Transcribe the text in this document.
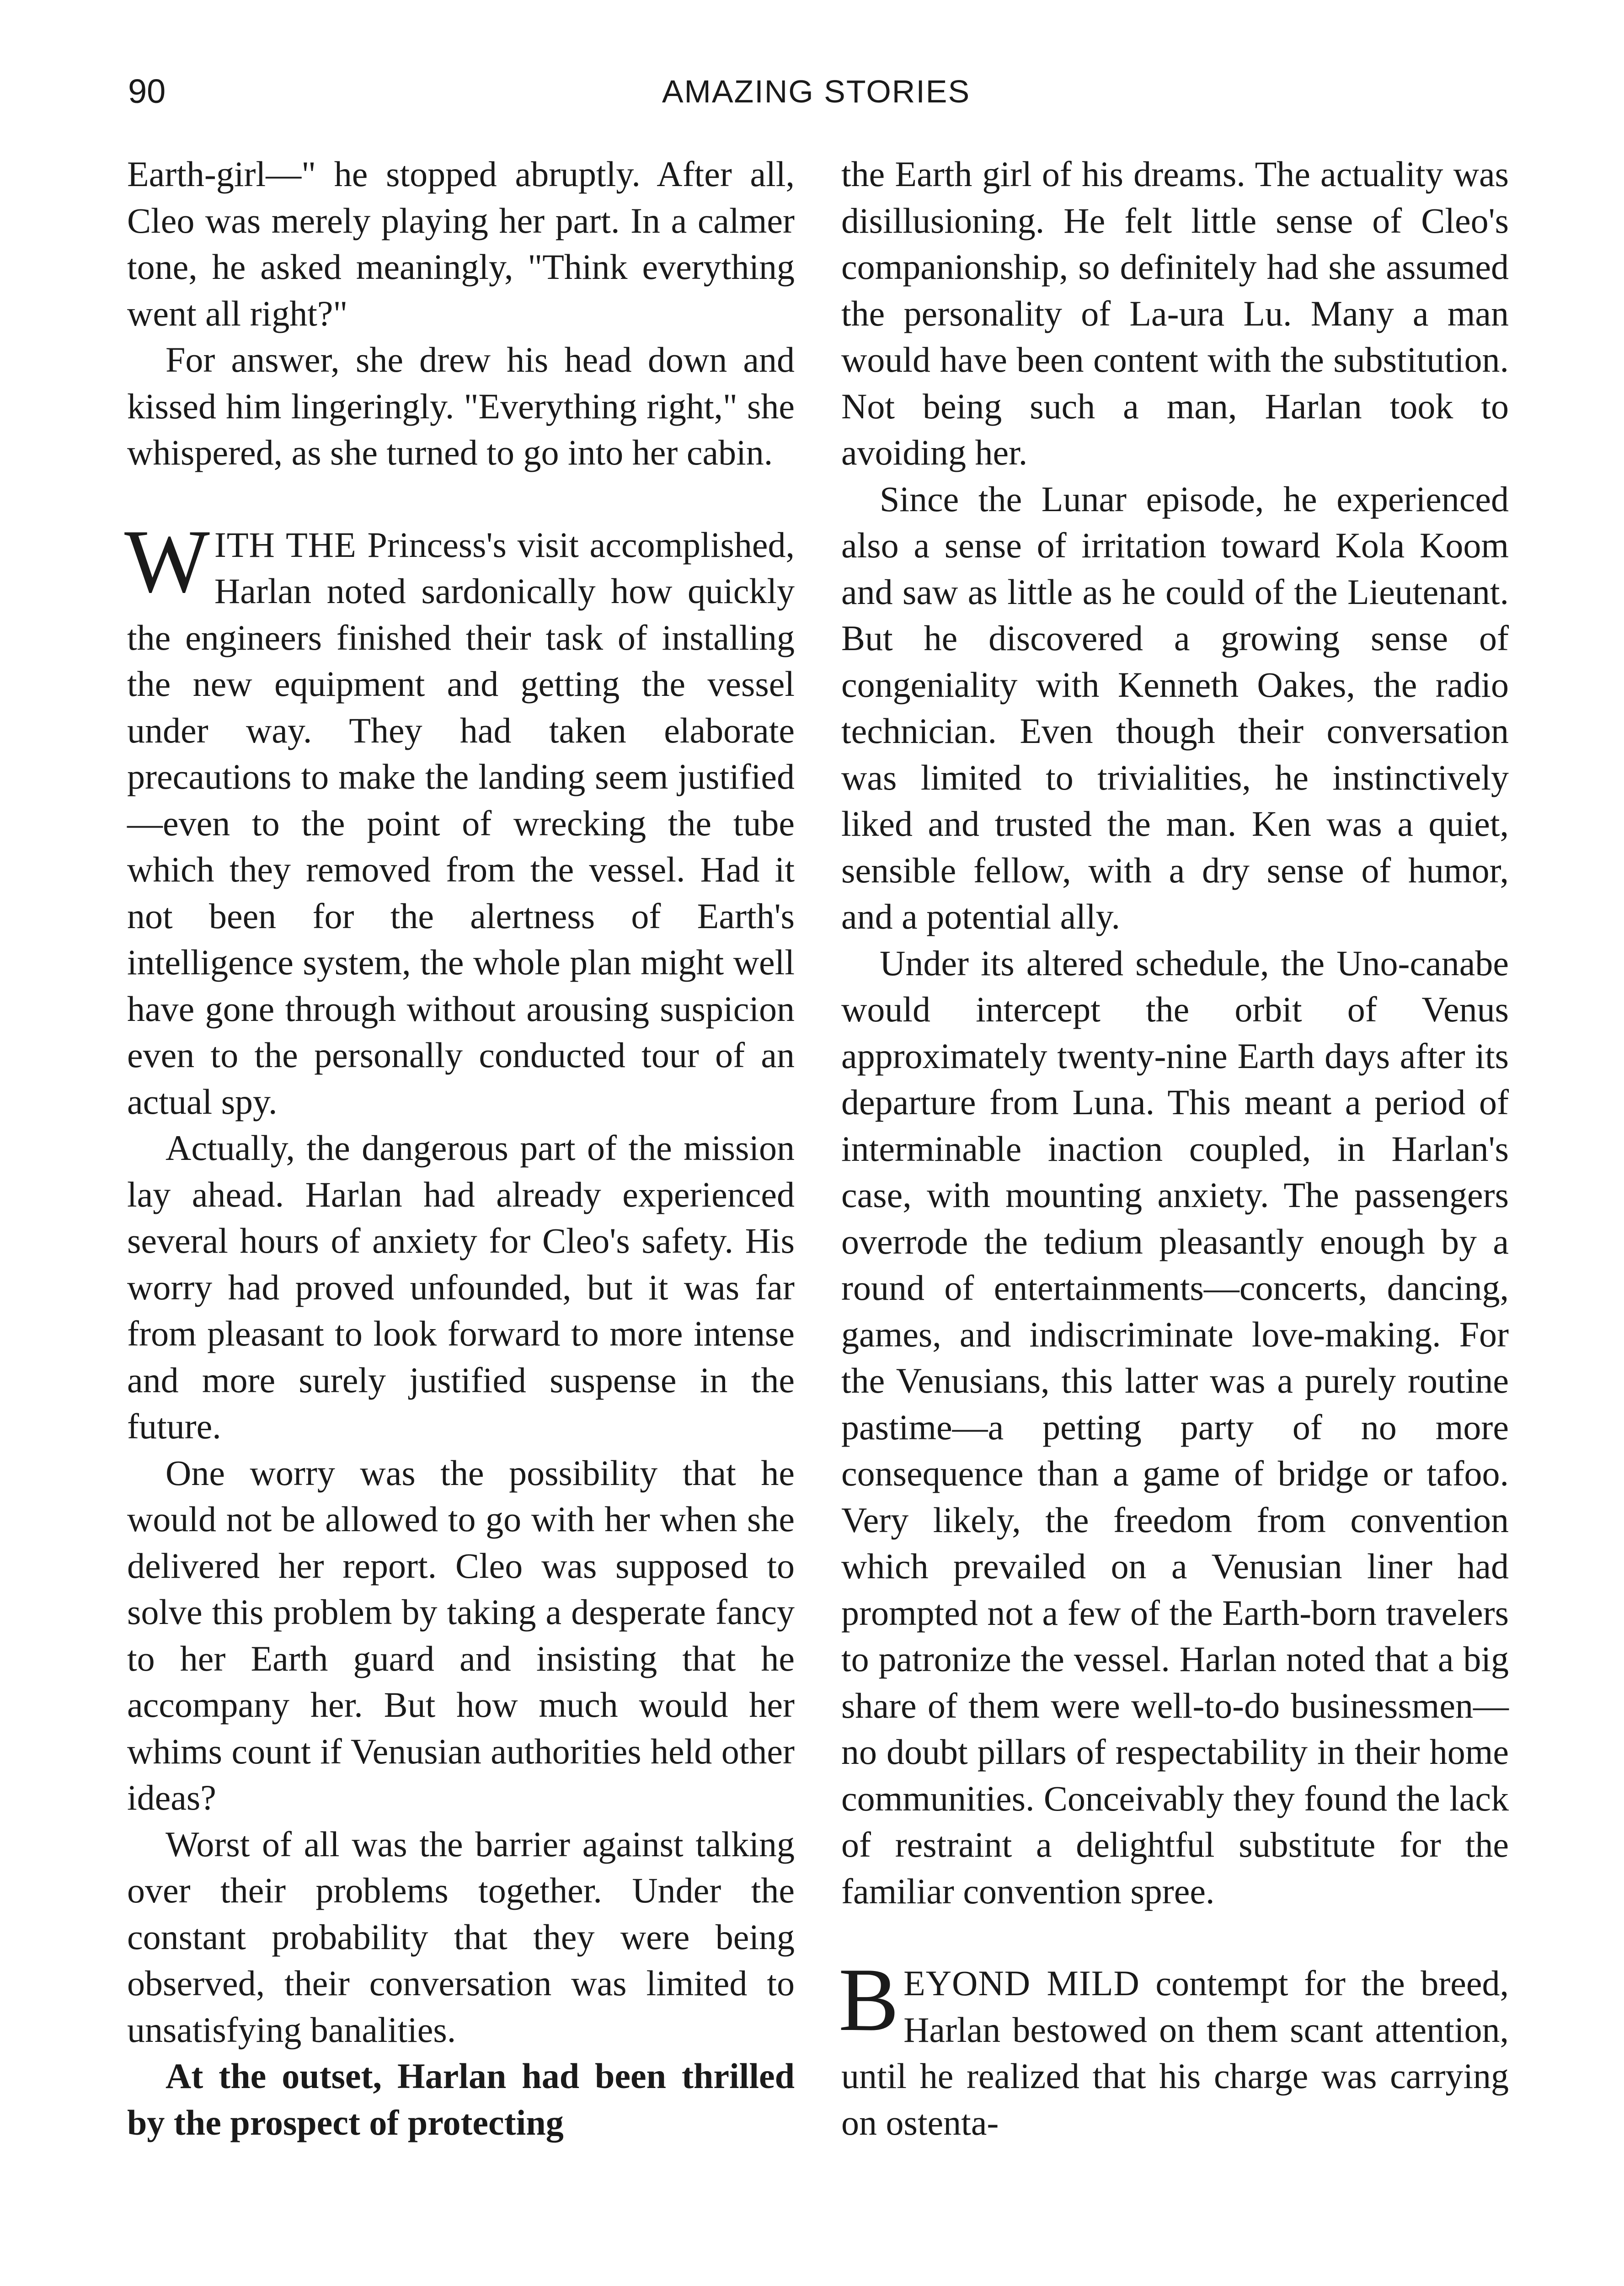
90	AMAZING STORIES

Earth-girl—" he stopped abruptly. After all, Cleo was merely playing her part. In a calmer tone, he asked meaningly, "Think everything went all right?"

For answer, she drew his head down and kissed him lingeringly. "Everything right," she whispered, as she turned to go into her cabin.

WITH THE Princess's visit accomplished, Harlan noted sardonically how quickly the engineers finished their task of installing the new equipment and getting the vessel under way. They had taken elaborate precautions to make the landing seem justified—even to the point of wrecking the tube which they removed from the vessel. Had it not been for the alertness of Earth's intelligence system, the whole plan might well have gone through without arousing suspicion even to the personally conducted tour of an actual spy.

Actually, the dangerous part of the mission lay ahead. Harlan had already experienced several hours of anxiety for Cleo's safety. His worry had proved unfounded, but it was far from pleasant to look forward to more intense and more surely justified suspense in the future.

One worry was the possibility that he would not be allowed to go with her when she delivered her report. Cleo was supposed to solve this problem by taking a desperate fancy to her Earth guard and insisting that he accompany her. But how much would her whims count if Venusian authorities held other ideas?

Worst of all was the barrier against talking over their problems together. Under the constant probability that they were being observed, their conversation was limited to unsatisfying banalities.

At the outset, Harlan had been thrilled by the prospect of protecting

the Earth girl of his dreams. The actuality was disillusioning. He felt little sense of Cleo's companionship, so definitely had she assumed the personality of La-ura Lu. Many a man would have been content with the substitution. Not being such a man, Harlan took to avoiding her.

Since the Lunar episode, he experienced also a sense of irritation toward Kola Koom and saw as little as he could of the Lieutenant. But he discovered a growing sense of congeniality with Kenneth Oakes, the radio technician. Even though their conversation was limited to trivialities, he instinctively liked and trusted the man. Ken was a quiet, sensible fellow, with a dry sense of humor, and a potential ally.

Under its altered schedule, the Uno-canabe would intercept the orbit of Venus approximately twenty-nine Earth days after its departure from Luna. This meant a period of interminable inaction coupled, in Harlan's case, with mounting anxiety. The passengers overrode the tedium pleasantly enough by a round of entertainments—concerts, dancing, games, and indiscriminate love-making. For the Venusians, this latter was a purely routine pastime—a petting party of no more consequence than a game of bridge or tafoo. Very likely, the freedom from convention which prevailed on a Venusian liner had prompted not a few of the Earth-born travelers to patronize the vessel. Harlan noted that a big share of them were well-to-do businessmen—no doubt pillars of respectability in their home communities. Conceivably they found the lack of restraint a delightful substitute for the familiar convention spree.

BEYOND MILD contempt for the breed, Harlan bestowed on them scant attention, until he realized that his charge was carrying on ostenta-
